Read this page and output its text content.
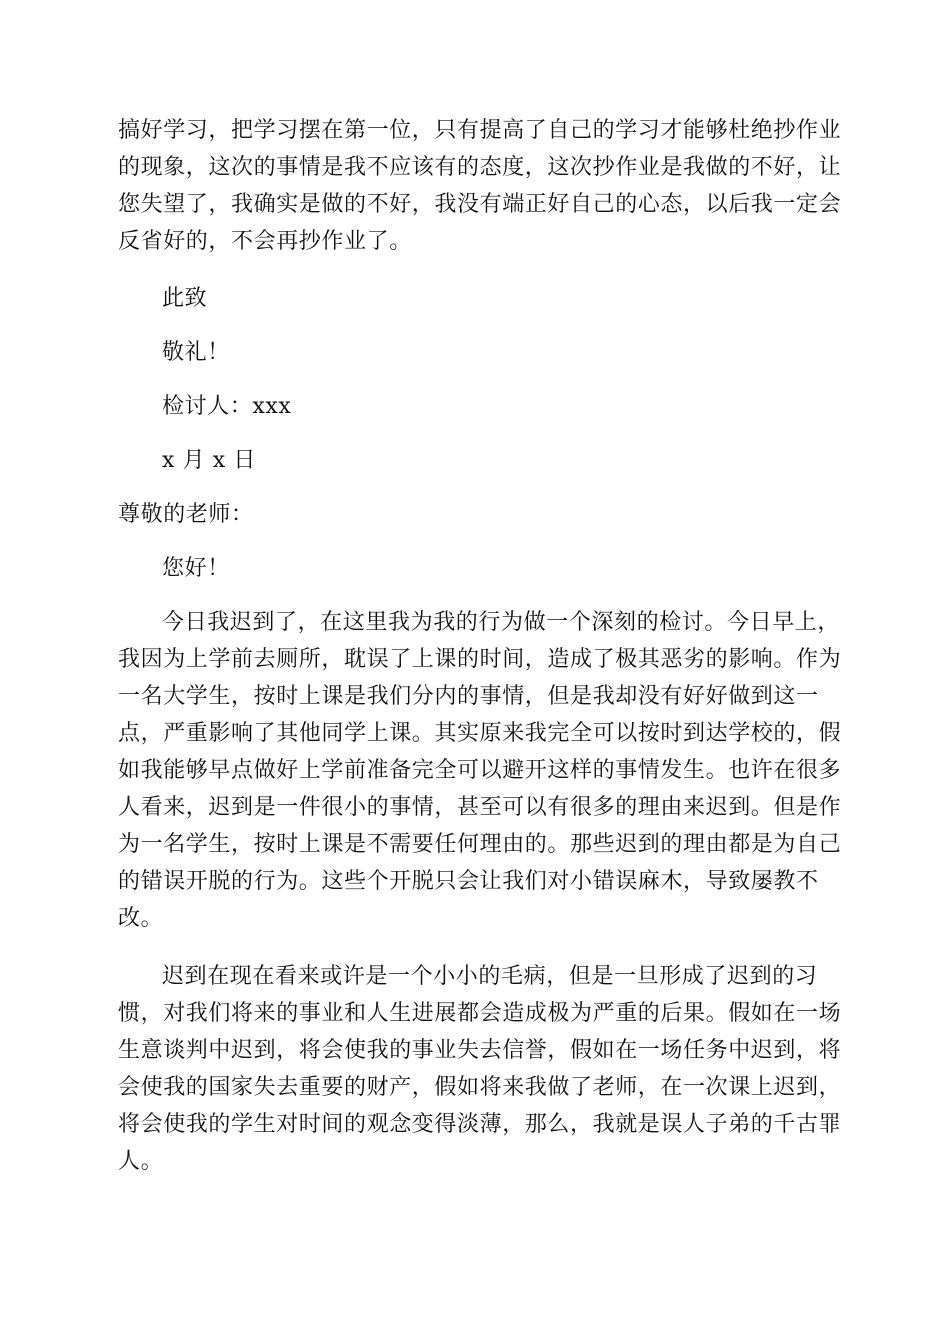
搞好学习，把学习摆在第一位，只有提高了自己的学习才能够杜绝抄作业
的现象，这次的事情是我不应该有的态度，这次抄作业是我做的不好，让
您失望了，我确实是做的不好，我没有端正好自己的心态，以后我一定会
反省好的，不会再抄作业了。
此致
敬礼！
检讨人：xxx
x 月 x 日
尊敬的老师：
您好！
今日我迟到了，在这里我为我的行为做一个深刻的检讨。今日早上，
我因为上学前去厕所，耽误了上课的时间，造成了极其恶劣的影响。作为
一名大学生，按时上课是我们分内的事情，但是我却没有好好做到这一
点，严重影响了其他同学上课。其实原来我完全可以按时到达学校的，假
如我能够早点做好上学前准备完全可以避开这样的事情发生。也许在很多
人看来，迟到是一件很小的事情，甚至可以有很多的理由来迟到。但是作
为一名学生，按时上课是不需要任何理由的。那些迟到的理由都是为自己
的错误开脱的行为。这些个开脱只会让我们对小错误麻木，导致屡教不
改。
迟到在现在看来或许是一个小小的毛病，但是一旦形成了迟到的习
惯，对我们将来的事业和人生进展都会造成极为严重的后果。假如在一场
生意谈判中迟到，将会使我的事业失去信誉，假如在一场任务中迟到，将
会使我的国家失去重要的财产，假如将来我做了老师，在一次课上迟到，
将会使我的学生对时间的观念变得淡薄，那么，我就是误人子弟的千古罪
人。
